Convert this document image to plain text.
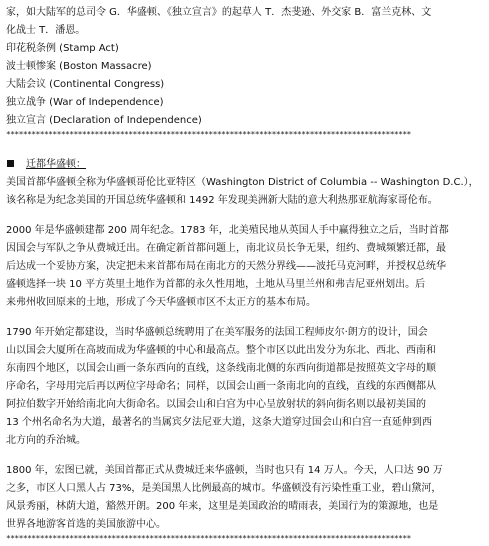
家，如大陆军的总司令 G．华盛顿、《独立宣言》的起草人 T．杰斐逊、外交家 B．富兰克林、文
化战士 T．潘恩。
印花税条例 (Stamp Act)
波士顿惨案 (Boston Massacre)
大陆会议 (Continental Congress)
独立战争 (War of Independence)
独立宣言 (Declaration of Independence)
************************************************************************************************
迁都华盛顿：
美国首都华盛顿全称为华盛顿哥伦比亚特区（Washington District of Columbia -- Washington D.C.），
该名称是为纪念美国的开国总统华盛顿和 1492 年发现美洲新大陆的意大利热那亚航海家哥伦布。
2000 年是华盛顿建都 200 周年纪念。1783 年，北美殖民地从英国人手中赢得独立之后，当时首都
因国会与军队之争从费城迁出。在确定新首都问题上，南北议员长争无果，纽约、费城频繁迁都，最
后达成一个妥协方案，决定把未来首都布局在南北方的天然分界线——波托马克河畔，并授权总统华
盛顿选择一块 10 平方英里土地作为首都的永久性用地，土地从马里兰州和弗吉尼亚州划出。后
来弗州收回原来的土地，形成了今天华盛顿市区不太正方的基本布局。
1790 年开始定都建设，当时华盛顿总统聘用了在美军服务的法国工程师皮尔·朗方的设计，国会
山以国会大厦所在高坡而成为华盛顿的中心和最高点。整个市区以此出发分为东北、西北、西南和
东南四个地区，以国会山画一条东西向的直线，这条线南北侧的东西向街道都是按照英文字母的顺
序命名，字母用完后再以两位字母命名；同样，以国会山画一条南北向的直线，直线的东西侧都从
阿拉伯数字开始给南北向大街命名。以国会山和白宫为中心呈放射状的斜向街名则以最初美国的
13 个州名命名为大道，最著名的当属宾夕法尼亚大道，这条大道穿过国会山和白宫一直延伸到西
北方向的乔治城。
1800 年，宏图已就，美国首都正式从费城迁来华盛顿，当时也只有 14 万人。今天，人口达 90 万
之多，市区人口黑人占 73%，是美国黑人比例最高的城市。华盛顿没有污染性重工业，碧山黛河，
风景秀丽，林荫大道，豁然开朗。200 年来，这里是美国政治的晴雨表，美国行为的策源地，也是
世界各地游客首选的美国旅游中心。
************************************************************************************************
